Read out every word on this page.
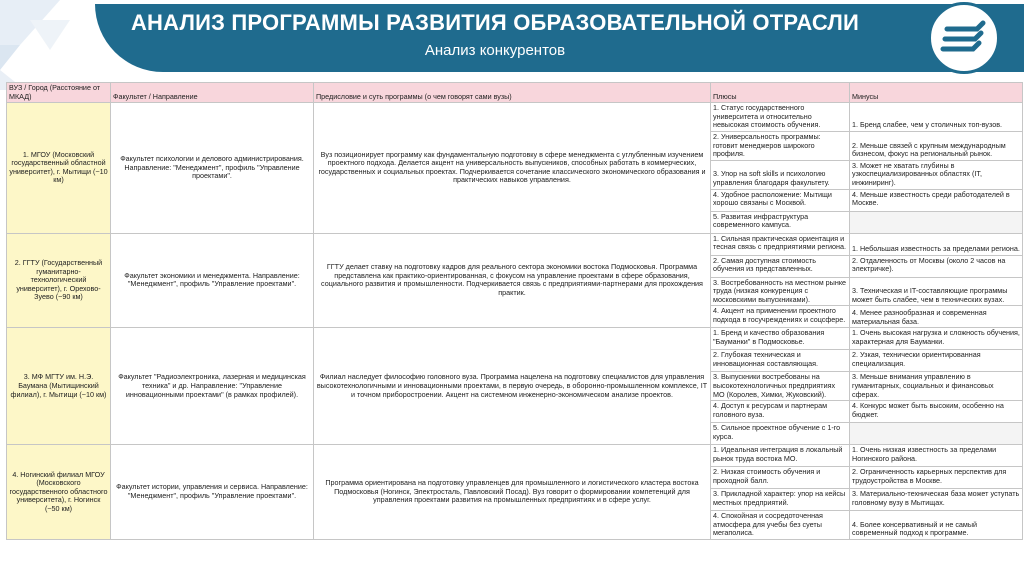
АНАЛИЗ ПРОГРАММЫ РАЗВИТИЯ ОБРАЗОВАТЕЛЬНОЙ ОТРАСЛИ
Анализ конкурентов
ВУЗ / Город (Расстояние от МКАД)	Факультет / Направление	Предисловие и суть программы (о чем говорят сами вузы)	Плюсы	Минусы
1. МГОУ (Московский государственный областной университет), г. Мытищи (~10 км)	Факультет психологии и делового администрирования. Направление: "Менеджмент", профиль "Управление проектами".	Вуз позиционирует программу как фундаментальную подготовку в сфере менеджмента с углубленным изучением проектного подхода. Делается акцент на универсальность выпускников, способных работать в коммерческих, государственных и социальных проектах. Подчеркивается сочетание классического экономического образования и практических навыков управления.	1. Статус государственного университета и относительно невысокая стоимость обучения.	1. Бренд слабее, чем у столичных топ-вузов.
			2. Универсальность программы: готовит менеджеров широкого профиля.	2. Меньше связей с крупным международным бизнесом, фокус на региональный рынок.
			3. Упор на soft skills и психологию управления благодаря факультету.	3. Может не хватать глубины в узкоспециализированных областях (IT, инжиниринг).
			4. Удобное расположение: Мытищи хорошо связаны с Москвой.	4. Меньше известность среди работодателей в Москве.
			5. Развитая инфраструктура современного кампуса.	
2. ГГТУ (Государственный гуманитарно-технологический университет), г. Орехово-Зуево (~90 км)	Факультет экономики и менеджмента. Направление: "Менеджмент", профиль "Управление проектами".	ГГТУ делает ставку на подготовку кадров для реального сектора экономики востока Подмосковья. Программа представлена как практико-ориентированная, с фокусом на управление проектами в сфере образования, социального развития и промышленности. Подчеркивается связь с предприятиями-партнерами для прохождения практик.	1. Сильная практическая ориентация и тесная связь с предприятиями региона.	1. Небольшая известность за пределами региона.
			2. Самая доступная стоимость обучения из представленных.	2. Отдаленность от Москвы (около 2 часов на электричке).
			3. Востребованность на местном рынке труда (низкая конкуренция с московскими выпускниками).	3. Техническая и IT-составляющие программы может быть слабее, чем в технических вузах.
			4. Акцент на применении проектного подхода в госучреждениях и соцсфере.	4. Менее разнообразная и современная материальная база.
3. МФ МГТУ им. Н.Э. Баумана (Мытищинский филиал), г. Мытищи (~10 км)	Факультет "Радиоэлектроника, лазерная и медицинская техника" и др. Направление: "Управление инновационными проектами" (в рамках профилей).	Филиал наследует философию головного вуза. Программа нацелена на подготовку специалистов для управления высокотехнологичными и инновационными проектами, в первую очередь, в оборонно-промышленном комплексе, IT и точном приборостроении. Акцент на системном инженерно-экономическом анализе проектов.	1. Бренд и качество образования "Бауманки" в Подмосковье.	1. Очень высокая нагрузка и сложность обучения, характерная для Бауманки.
			2. Глубокая техническая и инновационная составляющая.	2. Узкая, технически ориентированная специализация.
			3. Выпускники востребованы на высокотехнологичных предприятиях МО (Королев, Химки, Жуковский).	3. Меньше внимания управлению в гуманитарных, социальных и финансовых сферах.
			4. Доступ к ресурсам и партнерам головного вуза.	4. Конкурс может быть высоким, особенно на бюджет.
			5. Сильное проектное обучение с 1-го курса.	
4. Ногинский филиал МГОУ (Московского государственного областного университета), г. Ногинск (~50 км)	Факультет истории, управления и сервиса. Направление: "Менеджмент", профиль "Управление проектами".	Программа ориентирована на подготовку управленцев для промышленного и логистического кластера востока Подмосковья (Ногинск, Электросталь, Павловский Посад). Вуз говорит о формировании компетенций для управления проектами развития на промышленных предприятиях и в сфере услуг.	1. Идеальная интеграция в локальный рынок труда востока МО.	1. Очень низкая известность за пределами Ногинского района.
			2. Низкая стоимость обучения и проходной балл.	2. Ограниченность карьерных перспектив для трудоустройства в Москве.
			3. Прикладной характер: упор на кейсы местных предприятий.	3. Материально-техническая база может уступать головному вузу в Мытищах.
			4. Спокойная и сосредоточенная атмосфера для учебы без суеты мегаполиса.	4. Более консервативный и не самый современный подход к программе.
